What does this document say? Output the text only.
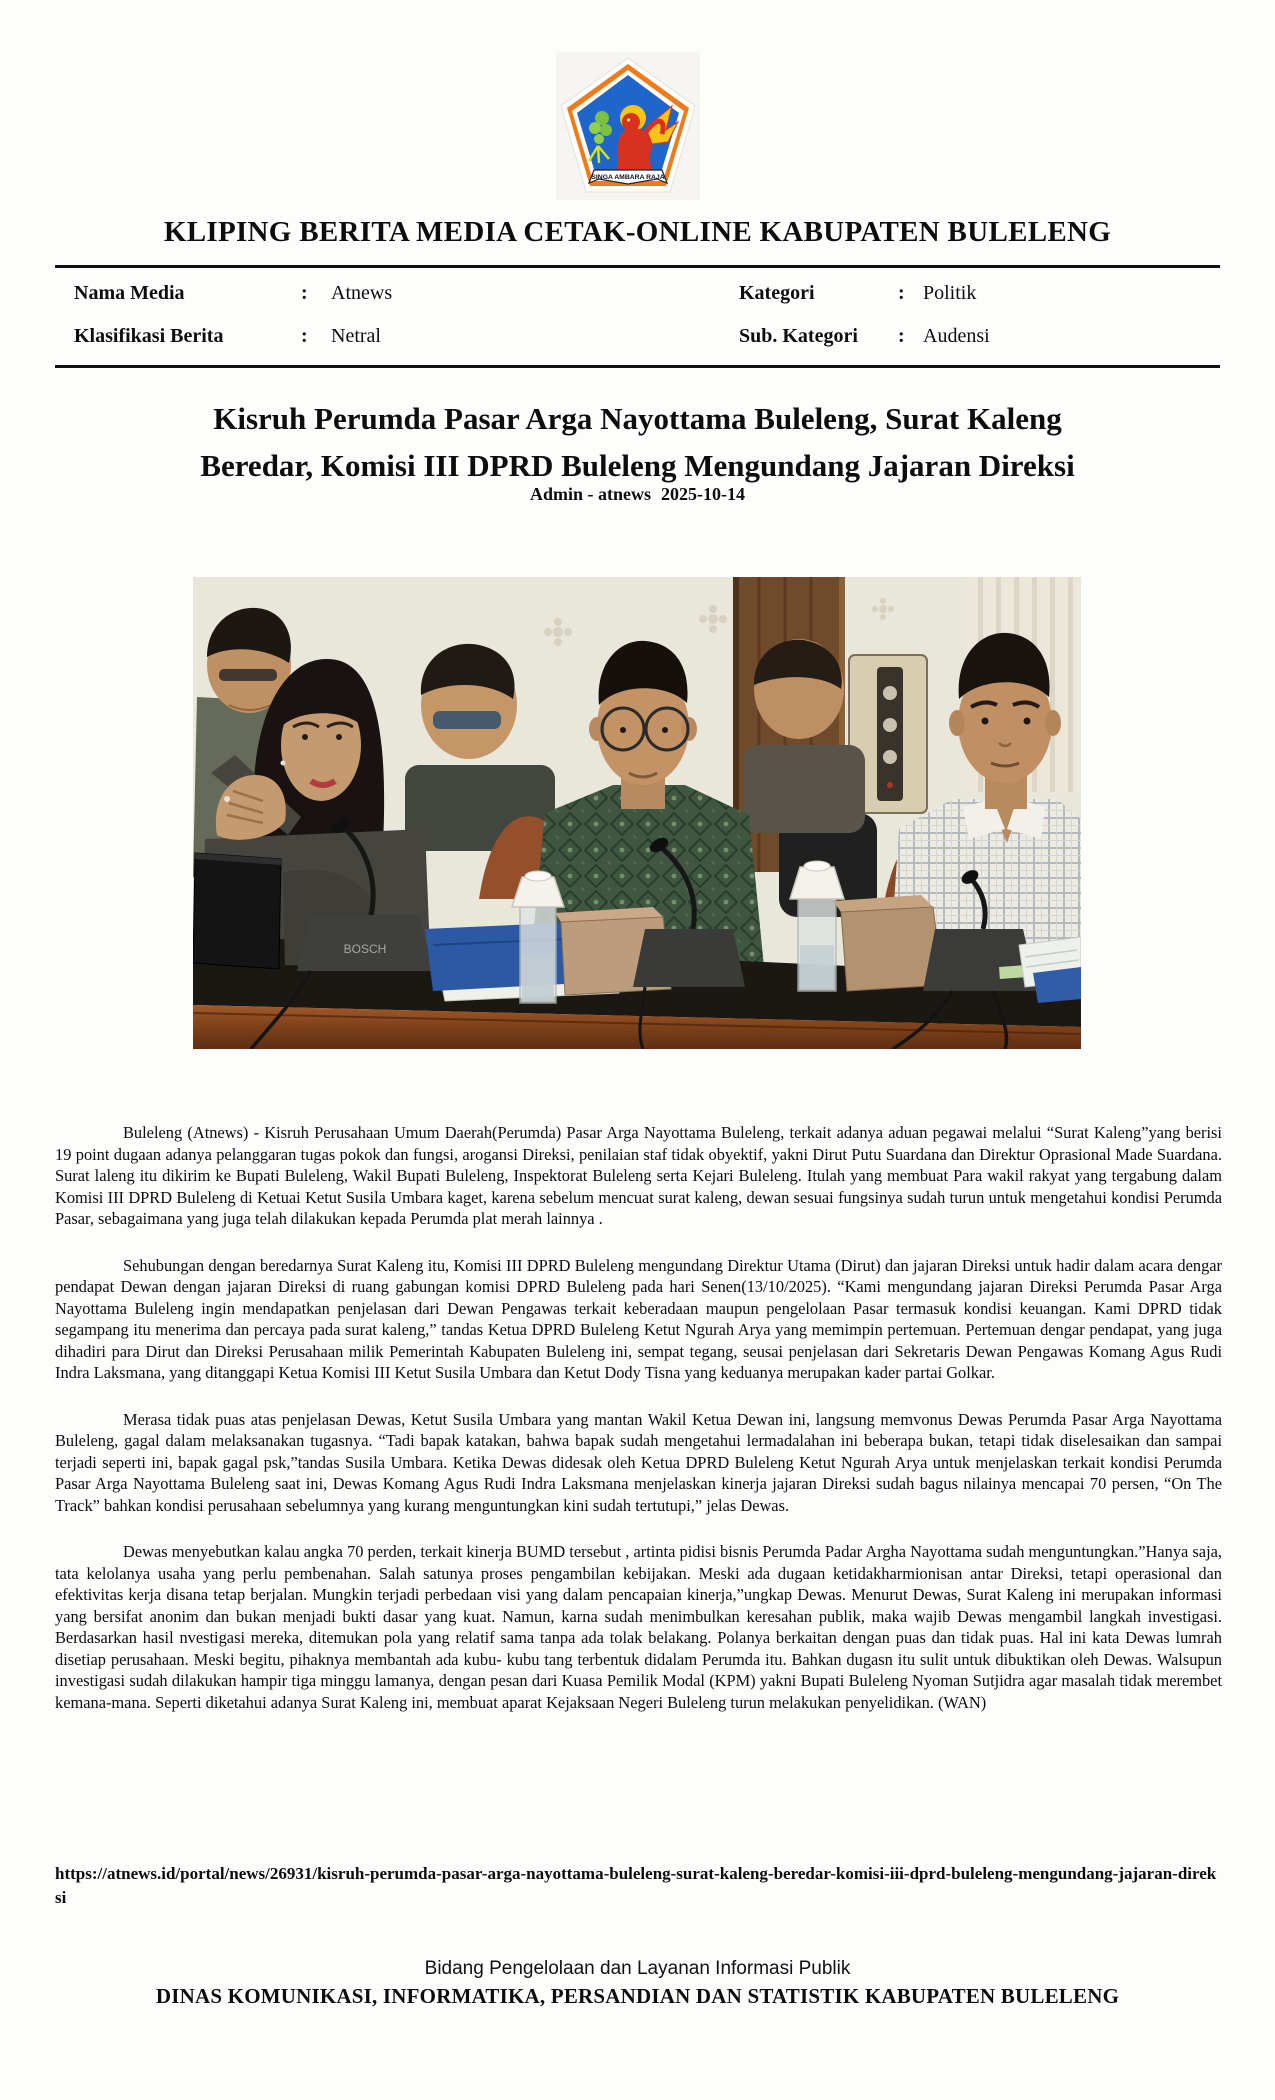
SINGA AMBARA RAJA
KLIPING BERITA MEDIA CETAK-ONLINE KABUPATEN BULELENG
Nama Media	: Atnews	Kategori	: Politik
Klasifikasi Berita	: Netral	Sub. Kategori : Audensi
Kisruh Perumda Pasar Arga Nayottama Buleleng, Surat Kaleng
Beredar, Komisi III DPRD Buleleng Mengundang Jajaran Direksi
Admin - atnews 2025-10-14
BOSCH

Buleleng (Atnews) - Kisruh Perusahaan Umum Daerah(Perumda) Pasar Arga Nayottama Buleleng, terkait adanya aduan pegawai melalui “Surat Kaleng”yang berisi 19 point dugaan adanya pelanggaran tugas pokok dan fungsi, arogansi Direksi, penilaian staf tidak obyektif, yakni Dirut Putu Suardana dan Direktur Oprasional Made Suardana. Surat laleng itu dikirim ke Bupati Buleleng, Wakil Bupati Buleleng, Inspektorat Buleleng serta Kejari Buleleng. Itulah yang membuat Para wakil rakyat yang tergabung dalam Komisi III DPRD Buleleng di Ketuai Ketut Susila Umbara kaget, karena sebelum mencuat surat kaleng, dewan sesuai fungsinya sudah turun untuk mengetahui kondisi Perumda Pasar, sebagaimana yang juga telah dilakukan kepada Perumda plat merah lainnya .

Sehubungan dengan beredarnya Surat Kaleng itu, Komisi III DPRD Buleleng mengundang Direktur Utama (Dirut) dan jajaran Direksi untuk hadir dalam acara dengar pendapat Dewan dengan jajaran Direksi di ruang gabungan komisi DPRD Buleleng pada hari Senen(13/10/2025). “Kami mengundang jajaran Direksi Perumda Pasar Arga Nayottama Buleleng ingin mendapatkan penjelasan dari Dewan Pengawas terkait keberadaan maupun pengelolaan Pasar termasuk kondisi keuangan. Kami DPRD tidak segampang itu menerima dan percaya pada surat kaleng,” tandas Ketua DPRD Buleleng Ketut Ngurah Arya yang memimpin pertemuan. Pertemuan dengar pendapat, yang juga dihadiri para Dirut dan Direksi Perusahaan milik Pemerintah Kabupaten Buleleng ini, sempat tegang, seusai penjelasan dari Sekretaris Dewan Pengawas Komang Agus Rudi Indra Laksmana, yang ditanggapi Ketua Komisi III Ketut Susila Umbara dan Ketut Dody Tisna yang keduanya merupakan kader partai Golkar.

Merasa tidak puas atas penjelasan Dewas, Ketut Susila Umbara yang mantan Wakil Ketua Dewan ini, langsung memvonus Dewas Perumda Pasar Arga Nayottama Buleleng, gagal dalam melaksanakan tugasnya. “Tadi bapak katakan, bahwa bapak sudah mengetahui lermadalahan ini beberapa bukan, tetapi tidak diselesaikan dan sampai terjadi seperti ini, bapak gagal psk,”tandas Susila Umbara. Ketika Dewas didesak oleh Ketua DPRD Buleleng Ketut Ngurah Arya untuk menjelaskan terkait kondisi Perumda Pasar Arga Nayottama Buleleng saat ini, Dewas Komang Agus Rudi Indra Laksmana menjelaskan kinerja jajaran Direksi sudah bagus nilainya mencapai 70 persen, “On The Track” bahkan kondisi perusahaan sebelumnya yang kurang menguntungkan kini sudah tertutupi,” jelas Dewas.

Dewas menyebutkan kalau angka 70 perden, terkait kinerja BUMD tersebut , artinta pidisi bisnis Perumda Padar Argha Nayottama sudah menguntungkan.”Hanya saja, tata kelolanya usaha yang perlu pembenahan. Salah satunya proses pengambilan kebijakan. Meski ada dugaan ketidakharmionisan antar Direksi, tetapi operasional dan efektivitas kerja disana tetap berjalan. Mungkin terjadi perbedaan visi yang dalam pencapaian kinerja,”ungkap Dewas. Menurut Dewas, Surat Kaleng ini merupakan informasi yang bersifat anonim dan bukan menjadi bukti dasar yang kuat. Namun, karna sudah menimbulkan keresahan publik, maka wajib Dewas mengambil langkah investigasi. Berdasarkan hasil nvestigasi mereka, ditemukan pola yang relatif sama tanpa ada tolak belakang. Polanya berkaitan dengan puas dan tidak puas. Hal ini kata Dewas lumrah disetiap perusahaan. Meski begitu, pihaknya membantah ada kubu- kubu tang terbentuk didalam Perumda itu. Bahkan dugasn itu sulit untuk dibuktikan oleh Dewas. Walsupun investigasi sudah dilakukan hampir tiga minggu lamanya, dengan pesan dari Kuasa Pemilik Modal (KPM) yakni Bupati Buleleng Nyoman Sutjidra agar masalah tidak merembet kemana-mana. Seperti diketahui adanya Surat Kaleng ini, membuat aparat Kejaksaan Negeri Buleleng turun melakukan penyelidikan. (WAN)

https://atnews.id/portal/news/26931/kisruh-perumda-pasar-arga-nayottama-buleleng-surat-kaleng-beredar-komisi-iii-dprd-buleleng-mengundang-jajaran-direksi
Bidang Pengelolaan dan Layanan Informasi Publik
DINAS KOMUNIKASI, INFORMATIKA, PERSANDIAN DAN STATISTIK KABUPATEN BULELENG
